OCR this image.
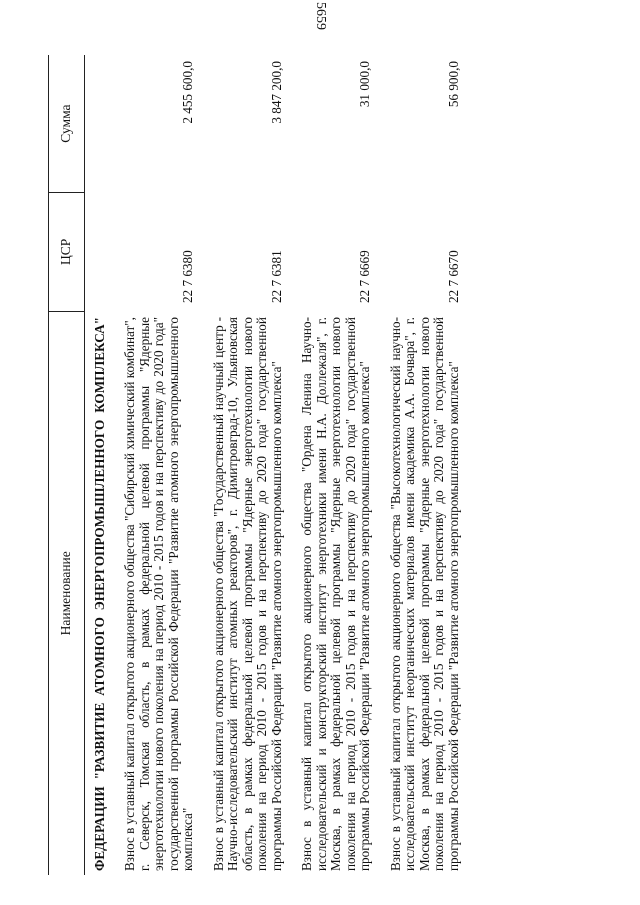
5659
Наименование	ЦСР	Сумма
ФЕДЕРАЦИИ "РАЗВИТИЕ АТОМНОГО ЭНЕРГОПРОМЫШЛЕННОГО КОМПЛЕКСА"		
Взнос в уставный капитал открытого акционерного общества "Сибирский химический комбинат", г. Северск, Томская область, в рамках федеральной целевой программы "Ядерные энерготехнологии нового поколения на период 2010 - 2015 годов и на перспективу до 2020 года" государственной программы Российской Федерации "Развитие атомного энергопромышленного комплекса"	22 7 6380	2 455 600,0
Взнос в уставный капитал открытого акционерного общества "Государственный научный центр - Научно-исследовательский институт атомных реакторов", г. Димитровград-10, Ульяновская область, в рамках федеральной целевой программы "Ядерные энерготехнологии нового поколения на период 2010 - 2015 годов и на перспективу до 2020 года" государственной программы Российской Федерации "Развитие атомного энергопромышленного комплекса"	22 7 6381	3 847 200,0
Взнос в уставный капитал открытого акционерного общества "Ордена Ленина Научно-исследовательский и конструкторский институт энерготехники имени Н.А. Доллежаля", г. Москва, в рамках федеральной целевой программы "Ядерные энерготехнологии нового поколения на период 2010 - 2015 годов и на перспективу до 2020 года" государственной программы Российской Федерации "Развитие атомного энергопромышленного комплекса"	22 7 6669	31 000,0
Взнос в уставный капитал открытого акционерного общества "Высокотехнологический научно-исследовательский институт неорганических материалов имени академика А.А. Бочвара", г. Москва, в рамках федеральной целевой программы "Ядерные энерготехнологии нового поколения на период 2010 - 2015 годов и на перспективу до 2020 года" государственной программы Российской Федерации "Развитие атомного энергопромышленного комплекса"	22 7 6670	56 900,0
